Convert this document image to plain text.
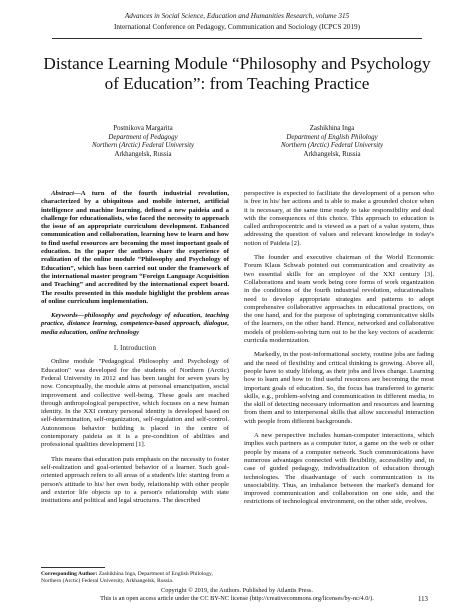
Advances in Social Science, Education and Humanities Research, volume 315
International Conference on Pedagogy, Communication and Sociology (ICPCS 2019)
Distance Learning Module “Philosophy and Psychology of Education”: from Teaching Practice
Postnikova Margarita
Department of Pedagogy
Northern (Arctic) Federal University
Arkhangelsk, Russia
Zashikhina Inga
Department of English Philology
Northern (Arctic) Federal University
Arkhangelsk, Russia

Abstract—A turn of the fourth industrial revolution, characterized by a ubiquitous and mobile internet, artificial intelligence and machine learning, defined a new paideia and a challenge for educationalists, who faced the necessity to approach the issue of an appropriate curriculum development. Enhanced communication and collaboration, learning how to learn and how to find useful resources are becoming the most important goals of education. In the paper the authors share the experience of realization of the online module “Philosophy and Psychology of Education”, which has been carried out under the framework of the international master program “Foreign Language Acquisition and Teaching” and accredited by the international expert board. The results presented in this module highlight the problem areas of online curriculum implementation.

Keywords—philosophy and psychology of education, teaching practice, distance learning, competence-based approach, dialogue, media education, online technology

I. Introduction

Online module "Pedagogical Philosophy and Psychology of Education" was developed for the students of Northern (Arctic) Federal University in 2012 and has been taught for seven years by now. Conceptually, the module aims at personal emancipation, social improvement and collective well-being. These goals are reached through anthropological perspective, which focuses on a new human identity. In the XXI century personal identity is developed based on self-determination, self-organization, self-regulation and self-control. Autonomous behavior building is placed in the centre of contemporary paideia as it is a pre-condition of abilities and professional qualities development [1].

This means that education puts emphasis on the necessity to foster self-realization and goal-oriented behavior of a learner. Such goal-oriented approach refers to all areas of a student's life: starting from a person's attitude to his/ her own body, relationship with other people and exterior life objects up to a person's relationship with state institutions and political and legal structures. The described

perspective is expected to facilitate the development of a person who is free in his/ her actions and is able to make a grounded choice when it is necessary, at the same time ready to take responsibility and deal with the consequences of this choice. This approach to education is called anthropocentric and is viewed as a part of a value system, thus addressing the question of values and relevant knowledge in today's notion of Paideia [2].

The founder and executive chairman of the World Economic Forum Klaus Schwab pointed out communication and creativity as two essential skills for an employee of the XXI century [3]. Collaborations and team work being core forms of work organization in the conditions of the fourth industrial revolution, educationalists need to develop appropriate strategies and patterns to adopt comprehensive collaborative approaches in educational practices, on the one hand, and for the purpose of upbringing communicative skills of the learners, on the other hand. Hence, networked and collaborative models of problem-solving turn out to be the key vectors of academic curricula modernization.

Markedly, in the post-informational society, routine jobs are fading and the need of flexibility and critical thinking is growing. Above all, people have to study lifelong, as their jobs and lives change. Learning how to learn and how to find useful resources are becoming the most important goals of education. So, the focus has transferred to generic skills, e.g., problem-solving and communication in different media, to the skill of detecting necessary information and resources and learning from them and to interpersonal skills that allow successful interaction with people from different backgrounds.

A new perspective includes human-computer interactions, which implies such partners as a computer tutor, a game on the web or other people by means of a computer network. Such communications have numerous advantages connected with flexibility, accessibility and, in case of guided pedagogy, individualization of education through technologies. The disadvantage of such communication is its unsociability. Thus, an imbalance between the market's demand for improved communication and collaboration on one side, and the restrictions of technological environment, on the other side, evolves.

Corresponding Author: Zashikhina Inga, Department of English Philology, Northern (Arctic) Federal University, Arkhangelsk, Russia.
Copyright © 2019, the Authors. Published by Atlantis Press.
This is an open access article under the CC BY-NC license (http://creativecommons.org/licenses/by-nc/4.0/).	113
